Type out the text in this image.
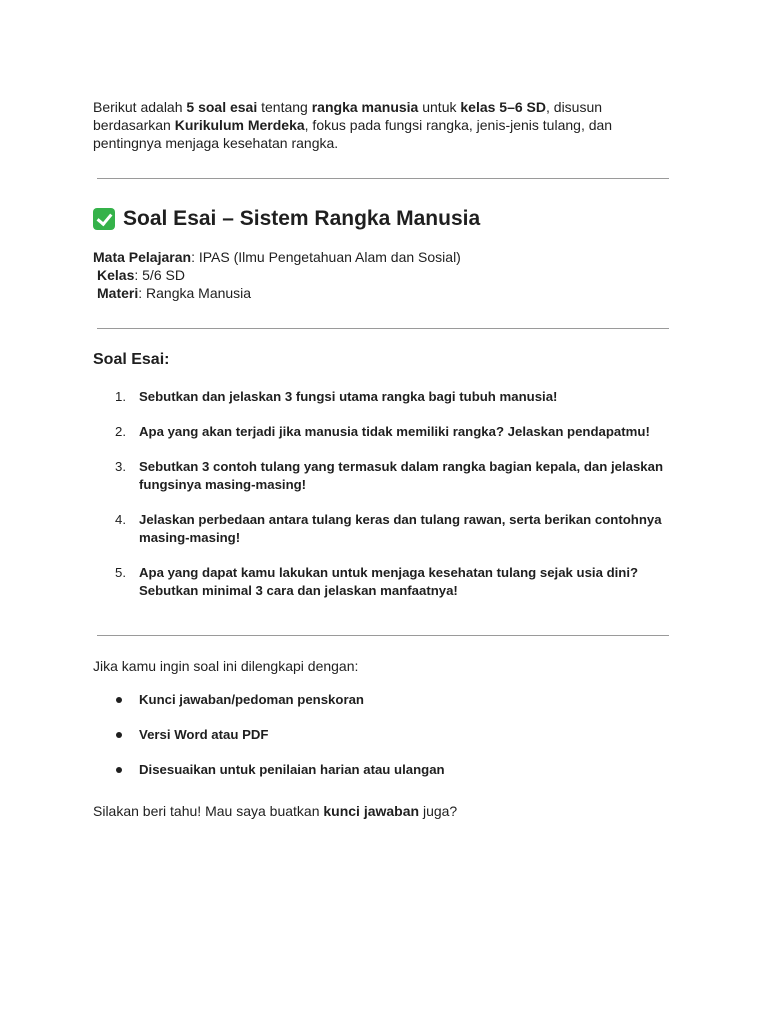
Berikut adalah 5 soal esai tentang rangka manusia untuk kelas 5–6 SD, disusun berdasarkan Kurikulum Merdeka, fokus pada fungsi rangka, jenis-jenis tulang, dan pentingnya menjaga kesehatan rangka.

Soal Esai – Sistem Rangka Manusia
Mata Pelajaran: IPAS (Ilmu Pengetahuan Alam dan Sosial)
Kelas: 5/6 SD
Materi: Rangka Manusia
Soal Esai:
1. Sebutkan dan jelaskan 3 fungsi utama rangka bagi tubuh manusia!
2. Apa yang akan terjadi jika manusia tidak memiliki rangka? Jelaskan pendapatmu!
3. Sebutkan 3 contoh tulang yang termasuk dalam rangka bagian kepala, dan jelaskan fungsinya masing-masing!
4. Jelaskan perbedaan antara tulang keras dan tulang rawan, serta berikan contohnya masing-masing!
5. Apa yang dapat kamu lakukan untuk menjaga kesehatan tulang sejak usia dini? Sebutkan minimal 3 cara dan jelaskan manfaatnya!

Jika kamu ingin soal ini dilengkapi dengan:

Kunci jawaban/pedoman penskoran
Versi Word atau PDF
Disesuaikan untuk penilaian harian atau ulangan

Silakan beri tahu! Mau saya buatkan kunci jawaban juga?
